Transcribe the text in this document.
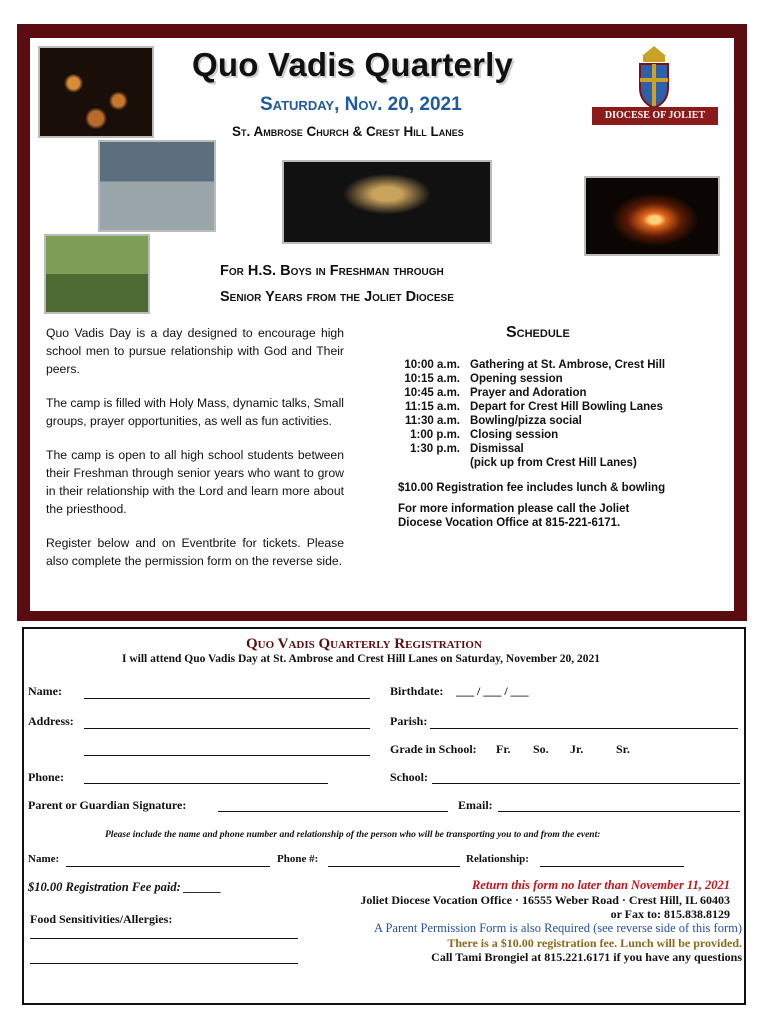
Quo Vadis Quarterly
Saturday, Nov. 20, 2021
St. Ambrose Church & Crest Hill Lanes
DIOCESE OF JOLIET
For H.S. Boys in Freshman through
Senior Years from the Joliet Diocese

Quo Vadis Day is a day designed to encourage high school men to pursue relationship with God and Their peers.

The camp is filled with Holy Mass, dynamic talks, Small groups, prayer opportunities, as well as fun activities.

The camp is open to all high school students between their Freshman through senior years who want to grow in their relationship with the Lord and learn more about the priesthood.

Register below and on Eventbrite for tickets. Please also complete the permission form on the reverse side.

Schedule
10:00 a.m. Gathering at St. Ambrose, Crest Hill
10:15 a.m. Opening session
10:45 a.m. Prayer and Adoration
11:15 a.m. Depart for Crest Hill Bowling Lanes
11:30 a.m. Bowling/pizza social
1:00 p.m. Closing session
1:30 p.m. Dismissal
(pick up from Crest Hill Lanes)
$10.00 Registration fee includes lunch & bowling
For more information please call the Joliet
Diocese Vocation Office at 815-221-6171.
Quo Vadis Quarterly Registration
I will attend Quo Vadis Day at St. Ambrose and Crest Hill Lanes on Saturday, November 20, 2021
Name:	Birthdate: ___ / ___ / ___
Address:	Parish:
Grade in School: Fr. So. Jr.	Sr.
Phone:	School:
Parent or Guardian Signature:	Email:
Please include the name and phone number and relationship of the person who will be transporting you to and from the event:
Name:	Phone #:	Relationship:
$10.00 Registration Fee paid: ______
Food Sensitivities/Allergies:
Return this form no later than November 11, 2021
Joliet Diocese Vocation Office · 16555 Weber Road · Crest Hill, IL 60403
or Fax to: 815.838.8129
A Parent Permission Form is also Required (see reverse side of this form)
There is a $10.00 registration fee. Lunch will be provided.
Call Tami Brongiel at 815.221.6171 if you have any questions
